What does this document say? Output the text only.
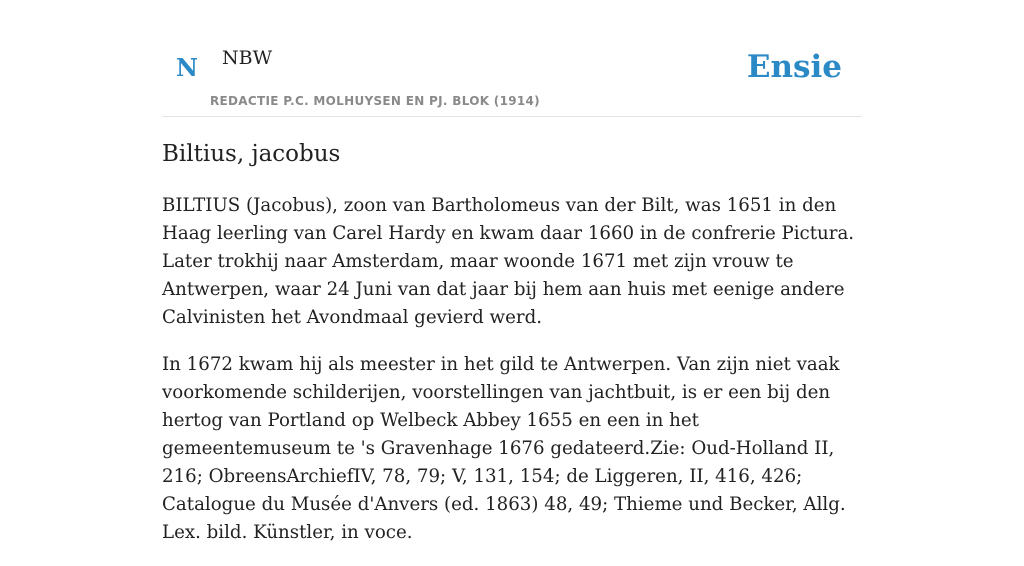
N NBW
REDACTIE P.C. MOLHUYSEN EN PJ. BLOK (1914)
Ensie
Biltius, jacobus

BILTIUS (Jacobus), zoon van Bartholomeus van der Bilt, was 1651 in den Haag leerling van Carel Hardy en kwam daar 1660 in de confrerie Pictura. Later trokhij naar Amsterdam, maar woonde 1671 met zijn vrouw te Antwerpen, waar 24 Juni van dat jaar bij hem aan huis met eenige andere Calvinisten het Avondmaal gevierd werd.

In 1672 kwam hij als meester in het gild te Antwerpen. Van zijn niet vaak voorkomende schilderijen, voorstellingen van jachtbuit, is er een bij den hertog van Portland op Welbeck Abbey 1655 en een in het gemeentemuseum te 's Gravenhage 1676 gedateerd.Zie: Oud-Holland II, 216; ObreensArchiefIV, 78, 79; V, 131, 154; de Liggeren, II, 416, 426; Catalogue du Musée d'Anvers (ed. 1863) 48, 49; Thieme und Becker, Allg. Lex. bild. Künstler, in voce.
